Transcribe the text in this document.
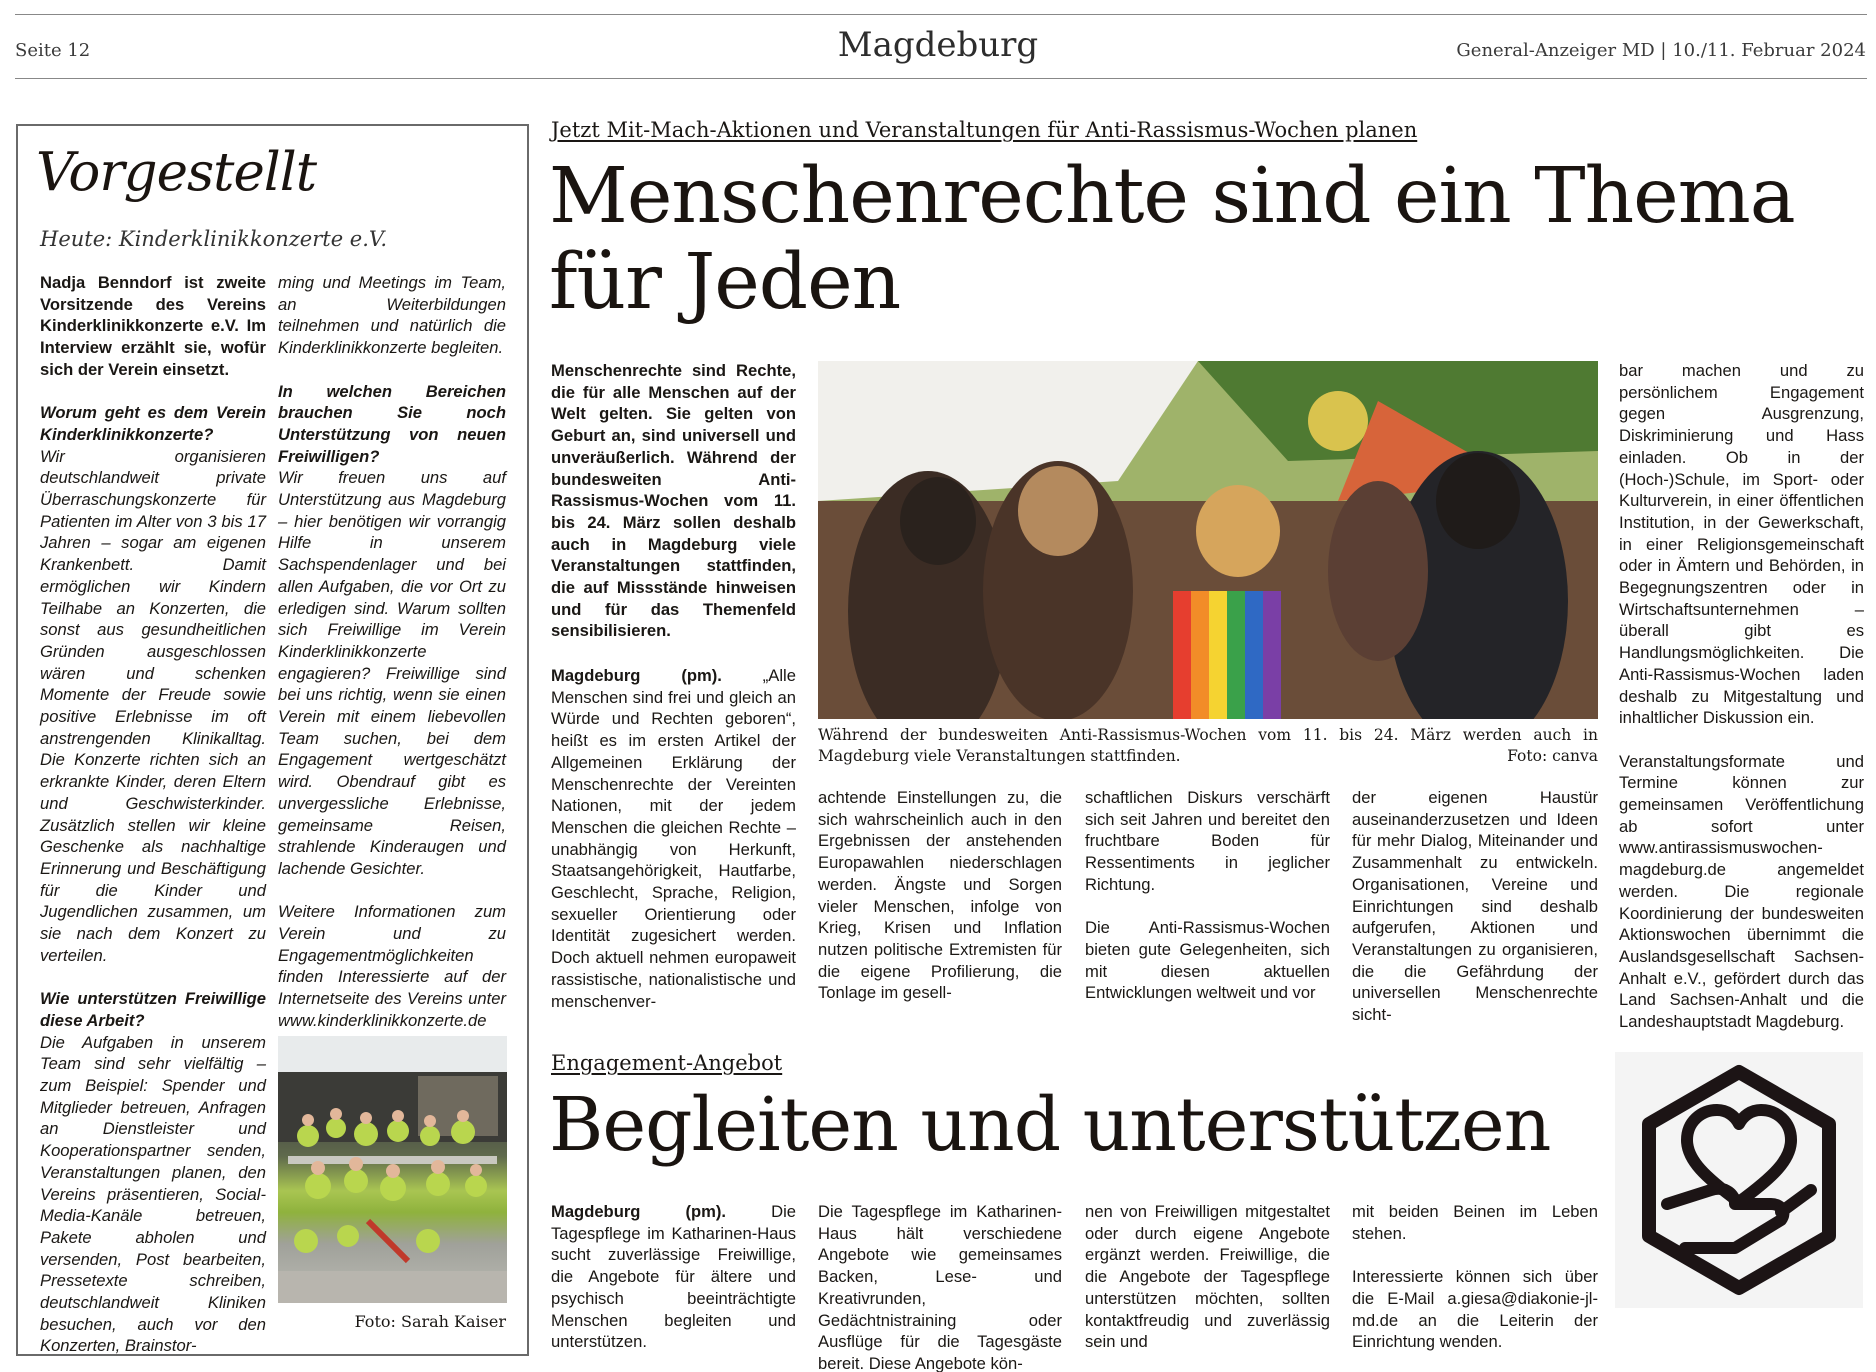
Seite 12	Magdeburg	General-Anzeiger MD | 10./11. Februar 2024
Vorgestellt
Heute: Kinderklinikkonzerte e.V.

Nadja Benndorf ist zweite Vorsitzende des Vereins Kinderklinikkonzerte e.V. Im Interview erzählt sie, wofür sich der Verein einsetzt.

Worum geht es dem Verein Kinderklinikkonzerte?
Wir organisieren deutschlandweit private Überraschungskonzerte für Patienten im Alter von 3 bis 17 Jahren – sogar am eigenen Krankenbett. Damit ermöglichen wir Kindern Teilhabe an Konzerten, die sonst aus gesundheitlichen Gründen ausgeschlossen wären und schenken Momente der Freude sowie positive Erlebnisse im oft anstrengenden Klinikalltag. Die Konzerte richten sich an erkrankte Kinder, deren Eltern und Geschwisterkinder. Zusätzlich stellen wir kleine Geschenke als nachhaltige Erinnerung und Beschäftigung für die Kinder und Jugendlichen zusammen, um sie nach dem Konzert zu verteilen.

Wie unterstützen Freiwillige diese Arbeit?
Die Aufgaben in unserem Team sind sehr vielfältig – zum Beispiel: Spender und Mitglieder betreuen, Anfragen an Dienstleister und Kooperationspartner senden, Veranstaltungen planen, den Vereins präsentieren, Social-Media-Kanäle betreuen, Pakete abholen und versenden, Post bearbeiten, Pressetexte schreiben, deutschlandweit Kliniken besuchen, auch vor den Konzerten, Brainstor-

ming und Meetings im Team, an Weiterbildungen teilnehmen und natürlich die Kinderklinikkonzerte begleiten.

In welchen Bereichen brauchen Sie noch Unterstützung von neuen Freiwilligen?
Wir freuen uns auf Unterstützung aus Magdeburg – hier benötigen wir vorrangig Hilfe in unserem Sachspendenlager und bei allen Aufgaben, die vor Ort zu erledigen sind. Warum sollten sich Freiwillige im Verein Kinderklinikkonzerte engagieren? Freiwillige sind bei uns richtig, wenn sie einen Verein mit einem liebevollen Team suchen, bei dem Engagement wertgeschätzt wird. Obendrauf gibt es unvergessliche Erlebnisse, gemeinsame Reisen, strahlende Kinderaugen und lachende Gesichter.

Weitere Informationen zum Verein und zu Engagementmöglichkeiten finden Interessierte auf der Internetseite des Vereins unter www.kinderklinikkonzerte.de

Foto: Sarah Kaiser
Jetzt Mit-Mach-Aktionen und Veranstaltungen für Anti-Rassismus-Wochen planen
Menschenrechte sind ein Thema
für Jeden
Menschenrechte sind Rechte, die für alle Menschen auf der Welt gelten. Sie gelten von Geburt an, sind universell und unveräußerlich. Während der bundesweiten Anti-Rassismus-Wochen vom 11. bis 24. März sollen deshalb auch in Magdeburg viele Veranstaltungen stattfinden, die auf Missstände hinweisen und für das Themenfeld sensibilisieren.

Magdeburg (pm). „Alle Menschen sind frei und gleich an Würde und Rechten geboren“, heißt es im ersten Artikel der Allgemeinen Erklärung der Menschenrechte der Vereinten Nationen, mit der jedem Menschen die gleichen Rechte – unabhängig von Herkunft, Staatsangehörigkeit, Hautfarbe, Geschlecht, Sprache, Religion, sexueller Orientierung oder Identität zugesichert werden. Doch aktuell nehmen europaweit rassistische, nationalistische und menschenver-

Während der bundesweiten Anti-Rassismus-Wochen vom 11. bis 24. März werden auch in Magdeburg viele Veranstaltungen stattfinden.	Foto: canva

achtende Einstellungen zu, die sich wahrscheinlich auch in den Ergebnissen der anstehenden Europawahlen niederschlagen werden. Ängste und Sorgen vieler Menschen, infolge von Krieg, Krisen und Inflation nutzen politische Extremisten für die eigene Profilierung, die Tonlage im gesell-

schaftlichen Diskurs verschärft sich seit Jahren und bereitet den fruchtbare Boden für Ressentiments in jeglicher Richtung.

Die Anti-Rassismus-Wochen bieten gute Gelegenheiten, sich mit diesen aktuellen Entwicklungen weltweit und vor

der eigenen Haustür auseinanderzusetzen und Ideen für mehr Dialog, Miteinander und Zusammenhalt zu entwickeln. Organisationen, Vereine und Einrichtungen sind deshalb aufgerufen, Aktionen und Veranstaltungen zu organisieren, die die Gefährdung der universellen Menschenrechte sicht-

bar machen und zu persönlichem Engagement gegen Ausgrenzung, Diskriminierung und Hass einladen. Ob in der (Hoch-)Schule, im Sport- oder Kulturverein, in einer öffentlichen Institution, in der Gewerkschaft, in einer Religionsgemeinschaft oder in Ämtern und Behörden, in Begegnungszentren oder in Wirtschaftsunternehmen – überall gibt es Handlungsmöglichkeiten. Die Anti-Rassismus-Wochen laden deshalb zu Mitgestaltung und inhaltlicher Diskussion ein.

Veranstaltungsformate und Termine können zur gemeinsamen Veröffentlichung ab sofort unter www.antirassismuswochen-magdeburg.de angemeldet werden. Die regionale Koordinierung der bundesweiten Aktionswochen übernimmt die Auslandsgesellschaft Sachsen-Anhalt e.V., gefördert durch das Land Sachsen-Anhalt und die Landeshauptstadt Magdeburg.

Engagement-Angebot
Begleiten und unterstützen

Magdeburg (pm).	Die Tagespflege im Katharinen-Haus sucht zuverlässige Freiwillige, die Angebote für ältere und psychisch beeinträchtigte Menschen begleiten und unterstützen.

Die Tagespflege im Katharinen-Haus hält verschiedene Angebote wie gemeinsames Backen, Lese- und Kreativrunden, Gedächtnistraining oder Ausflüge für die Tagesgäste bereit. Diese Angebote kön-

nen von Freiwilligen mitgestaltet oder durch eigene Angebote ergänzt werden. Freiwillige, die die Angebote der Tagespflege unterstützen möchten, sollten kontaktfreudig und zuverlässig sein und

mit beiden Beinen im Leben stehen.

Interessierte können sich über die E-Mail a.giesa@diakonie-jl-md.de an die Leiterin der Einrichtung wenden.
